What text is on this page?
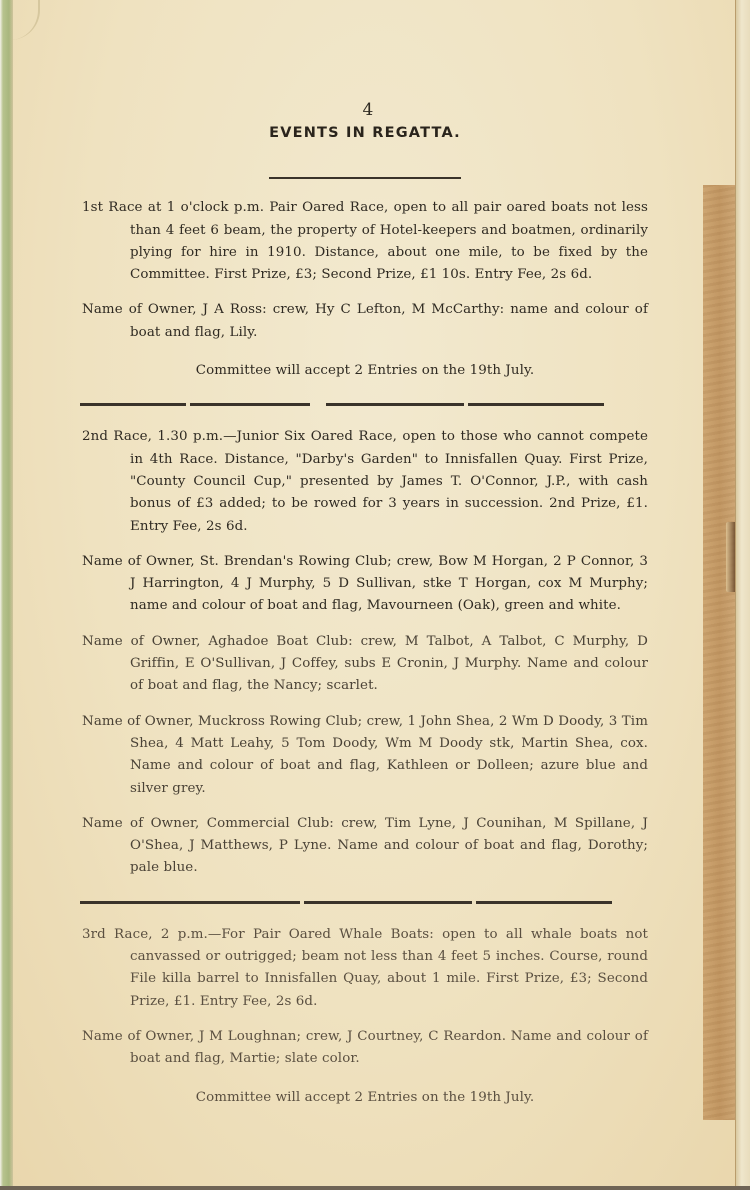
4
EVENTS IN REGATTA.

1st Race at 1 o'clock p.m. Pair Oared Race, open to all pair oared boats not less than 4 feet 6 beam, the property of Hotel-keepers and boatmen, ordinarily plying for hire in 1910. Distance, about one mile, to be fixed by the Committee. First Prize, £3; Second Prize, £1 10s. Entry Fee, 2s 6d.

Name of Owner, J A Ross: crew, Hy C Lefton, M McCarthy: name and colour of boat and flag, Lily.

Committee will accept 2 Entries on the 19th July.

2nd Race, 1.30 p.m.—Junior Six Oared Race, open to those who cannot compete in 4th Race. Distance, "Darby's Garden" to Innisfallen Quay. First Prize, "County Council Cup," presented by James T. O'Connor, J.P., with cash bonus of £3 added; to be rowed for 3 years in succession. 2nd Prize, £1. Entry Fee, 2s 6d.

Name of Owner, St. Brendan's Rowing Club; crew, Bow M Horgan, 2 P Connor, 3 J Harrington, 4 J Murphy, 5 D Sullivan, stke T Horgan, cox M Murphy; name and colour of boat and flag, Mavourneen (Oak), green and white.

Name of Owner, Aghadoe Boat Club: crew, M Talbot, A Talbot, C Murphy, D Griffin, E O'Sullivan, J Coffey, subs E Cronin, J Murphy. Name and colour of boat and flag, the Nancy; scarlet.

Name of Owner, Muckross Rowing Club; crew, 1 John Shea, 2 Wm D Doody, 3 Tim Shea, 4 Matt Leahy, 5 Tom Doody, Wm M Doody stk, Martin Shea, cox. Name and colour of boat and flag, Kathleen or Dolleen; azure blue and silver grey.

Name of Owner, Commercial Club: crew, Tim Lyne, J Counihan, M Spillane, J O'Shea, J Matthews, P Lyne. Name and colour of boat and flag, Dorothy; pale blue.

3rd Race, 2 p.m.—For Pair Oared Whale Boats: open to all whale boats not canvassed or outrigged; beam not less than 4 feet 5 inches. Course, round File killa barrel to Innisfallen Quay, about 1 mile. First Prize, £3; Second Prize, £1. Entry Fee, 2s 6d.

Name of Owner, J M Loughnan; crew, J Courtney, C Reardon. Name and colour of boat and flag, Martie; slate color.

Committee will accept 2 Entries on the 19th July.
